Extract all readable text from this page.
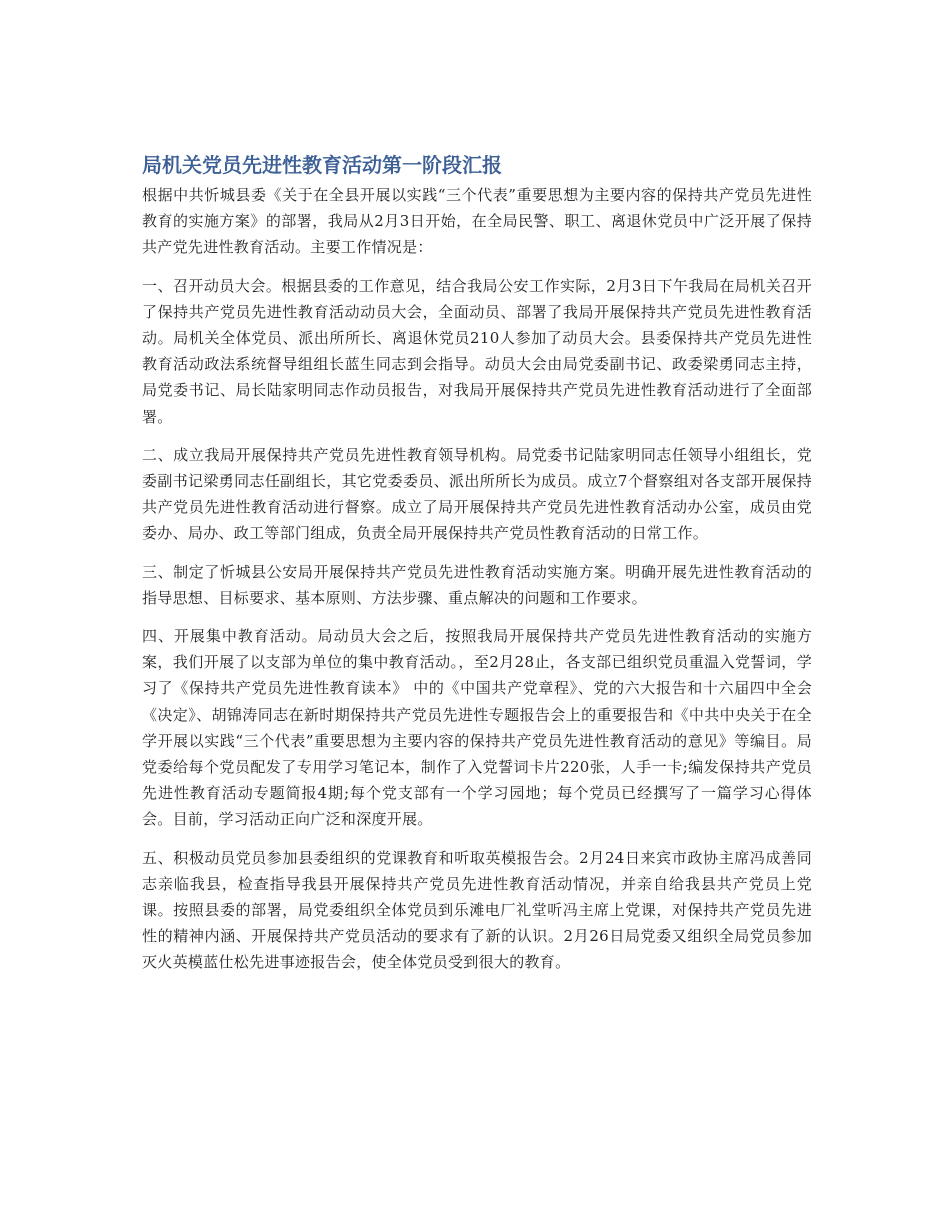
局机关党员先进性教育活动第一阶段汇报

根据中共忻城县委《关于在全县开展以实践“三个代表”重要思想为主要内容的保持共产党员先进性教育的实施方案》的部署，我局从2月3日开始，在全局民警、职工、离退休党员中广泛开展了保持共产党先进性教育活动。主要工作情况是：

一、召开动员大会。根据县委的工作意见，结合我局公安工作实际，2月3日下午我局在局机关召开了保持共产党员先进性教育活动动员大会，全面动员、部署了我局开展保持共产党员先进性教育活动。局机关全体党员、派出所所长、离退休党员210人参加了动员大会。县委保持共产党员先进性教育活动政法系统督导组组长蓝生同志到会指导。动员大会由局党委副书记、政委梁勇同志主持，局党委书记、局长陆家明同志作动员报告，对我局开展保持共产党员先进性教育活动进行了全面部署。

二、成立我局开展保持共产党员先进性教育领导机构。局党委书记陆家明同志任领导小组组长，党委副书记梁勇同志任副组长，其它党委委员、派出所所长为成员。成立7个督察组对各支部开展保持共产党员先进性教育活动进行督察。成立了局开展保持共产党员先进性教育活动办公室，成员由党委办、局办、政工等部门组成，负责全局开展保持共产党员性教育活动的日常工作。

三、制定了忻城县公安局开展保持共产党员先进性教育活动实施方案。明确开展先进性教育活动的指导思想、目标要求、基本原则、方法步骤、重点解决的问题和工作要求。

四、开展集中教育活动。局动员大会之后，按照我局开展保持共产党员先进性教育活动的实施方案，我们开展了以支部为单位的集中教育活动。，至2月28止，各支部已组织党员重温入党誓词，学习了《保持共产党员先进性教育读本》 中的《中国共产党章程》、党的六大报告和十六届四中全会《决定》、胡锦涛同志在新时期保持共产党员先进性专题报告会上的重要报告和《中共中央关于在全学开展以实践“三个代表”重要思想为主要内容的保持共产党员先进性教育活动的意见》等编目。局党委给每个党员配发了专用学习笔记本，制作了入党誓词卡片220张，人手一卡;编发保持共产党员先进性教育活动专题简报4期;每个党支部有一个学习园地；每个党员已经撰写了一篇学习心得体会。目前，学习活动正向广泛和深度开展。

五、积极动员党员参加县委组织的党课教育和听取英模报告会。2月24日来宾市政协主席冯成善同志亲临我县，检查指导我县开展保持共产党员先进性教育活动情况，并亲自给我县共产党员上党课。按照县委的部署，局党委组织全体党员到乐滩电厂礼堂听冯主席上党课，对保持共产党员先进性的精神内涵、开展保持共产党员活动的要求有了新的认识。2月26日局党委又组织全局党员参加灭火英模蓝仕松先进事迹报告会，使全体党员受到很大的教育。
